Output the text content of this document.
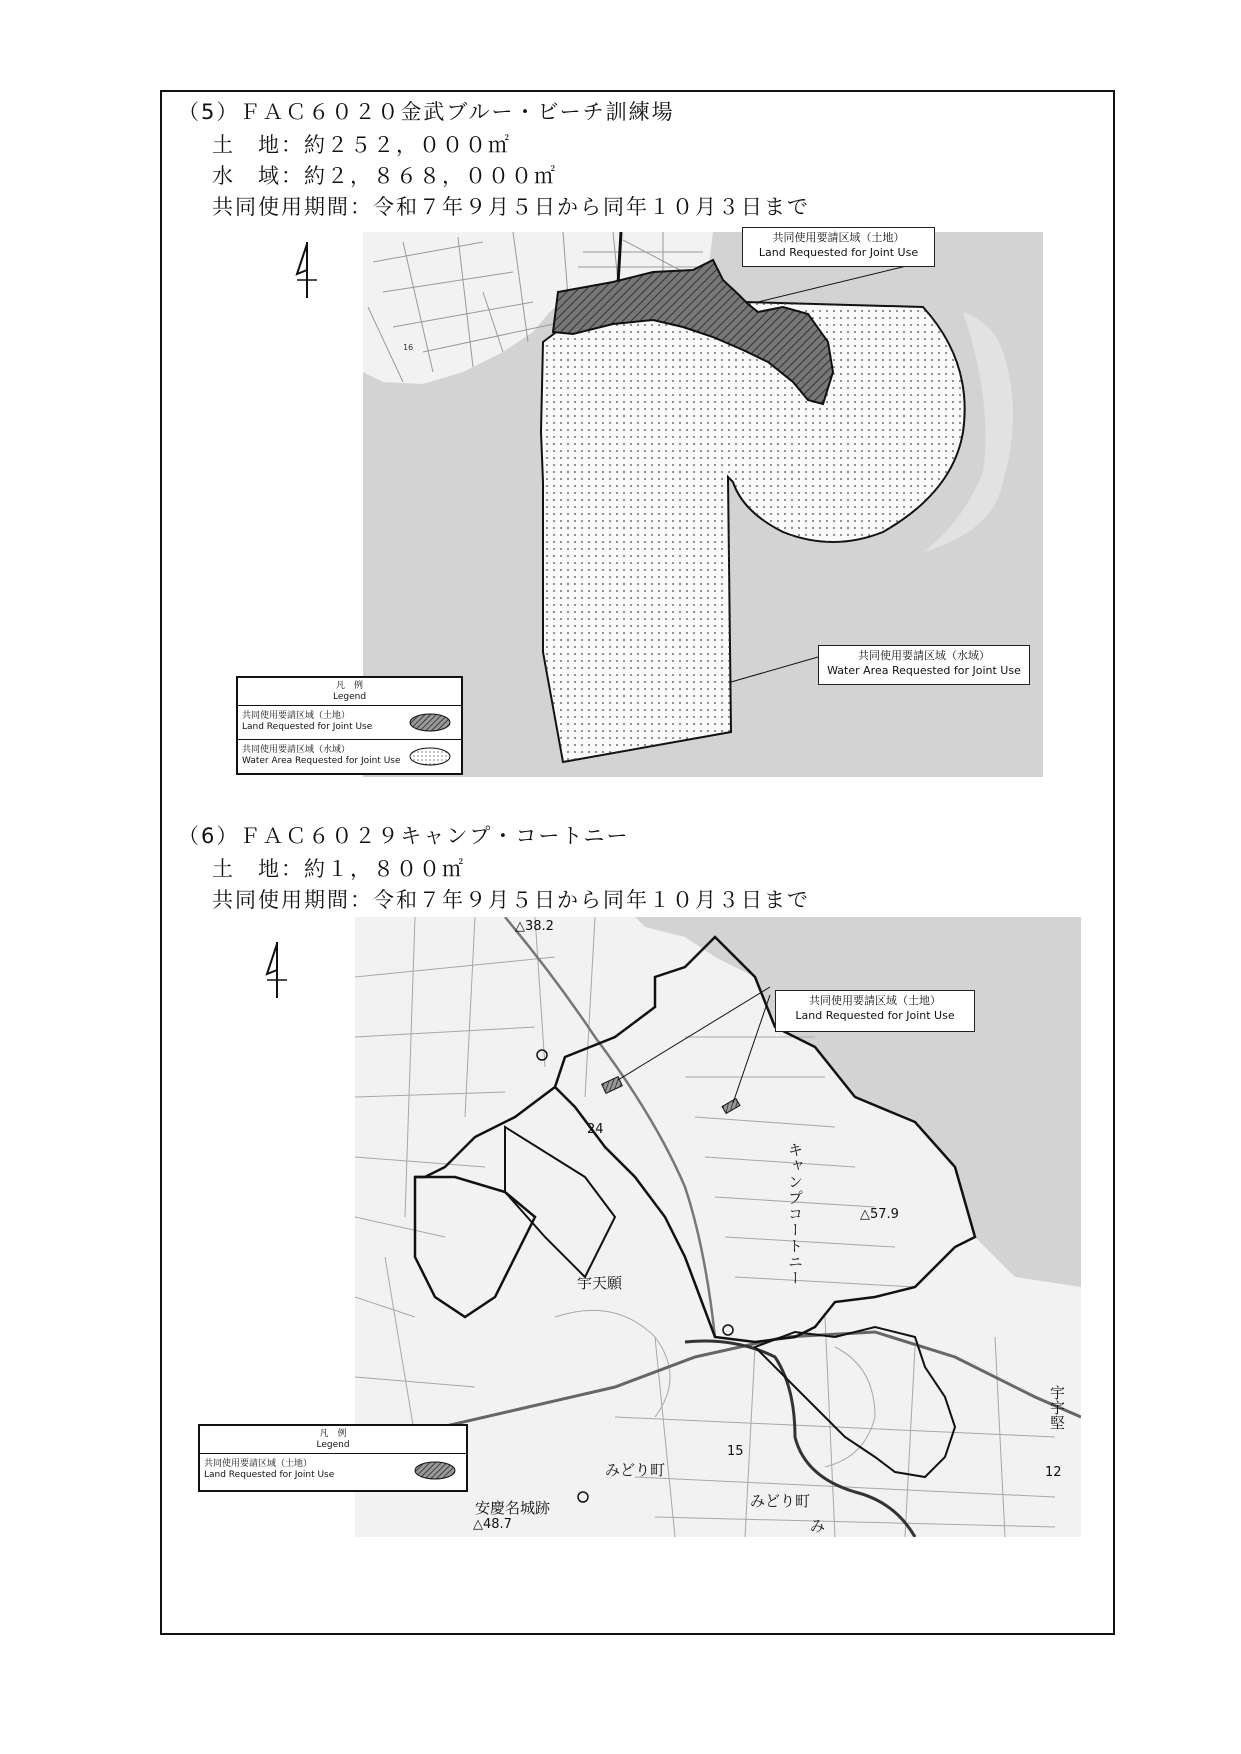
（5）ＦＡＣ６０２０金武ブルー・ビーチ訓練場
土　地：約２５２，０００㎡
水　域：約２，８６８，０００㎡
共同使用期間：令和７年９月５日から同年１０月３日まで
16
共同使用要請区域（土地）
Land Requested for Joint Use
共同使用要請区域（水域）
Water Area Requested for Joint Use
凡　例
Legend
共同使用要請区域（土地）
Land Requested for Joint Use
共同使用要請区域（水域）
Water Area Requested for Joint Use
（6）ＦＡＣ６０２９キャンプ・コートニー
土　地：約１，８００㎡
共同使用期間：令和７年９月５日から同年１０月３日まで
△38.2
24
キャンプコートニー	△57.9
宇天願
15
みどり町
みどり町
み
安慶名城跡
△48.7
宇宇堅
12
共同使用要請区域（土地）
Land Requested for Joint Use
凡　例
Legend
共同使用要請区域（土地）
Land Requested for Joint Use
